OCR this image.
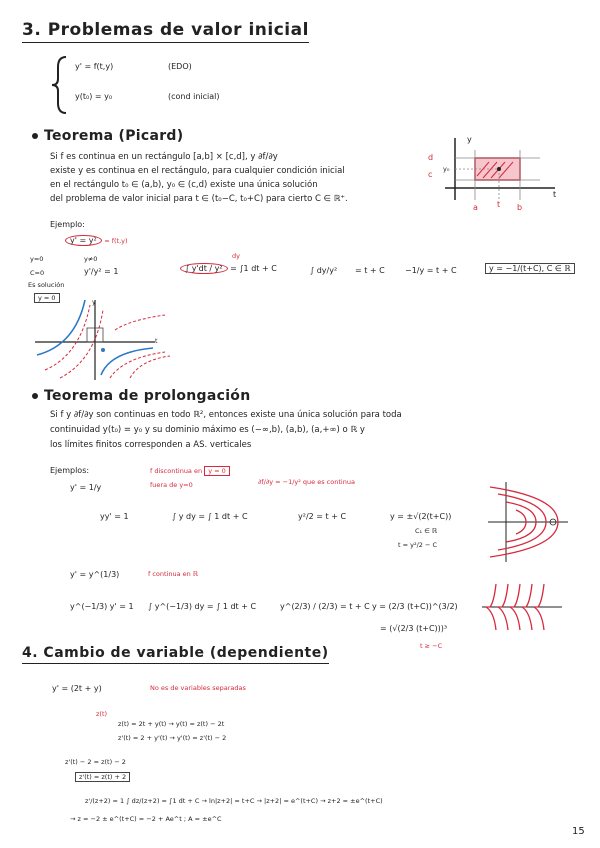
3. Problemas de valor inicial
y' = f(t,y)	(EDO)
y(t₀) = y₀	(cond inicial)
Teorema (Picard)
Si f es continua en un rectángulo [a,b] × [c,d], y ∂f/∂y
existe y es continua en el rectángulo, para cualquier condición inicial
en el rectángulo t₀ ∈ (a,b), y₀ ∈ (c,d) existe una única solución
del problema de valor inicial para t ∈ (t₀−C, t₀+C) para cierto C ∈ ℝ⁺.
y
d
c
y₀
a t b
t
Ejemplo:
y' = y² = f(t,y)
y=0	y≠0
C=0
Es solución
y = 0
y'/y² = 1	∫ y'dt / y² = ∫1 dt + C
dy
∫ dy/y² = t + C	−1/y = t + C	y = −1/(t+C), C ∈ ℝ
t
y
Teorema de prolongación
Si f y ∂f/∂y son continuas en todo ℝ², entonces existe una única solución para toda
continuidad y(t₀) = y₀ y su dominio máximo es (−∞,b), (a,b), (a,+∞) o ℝ y
los límites finitos corresponden a AS. verticales
Ejemplos:
y' = 1/y
f discontinua en y = 0
fuera de y=0	∂f/∂y = −1/y² que es continua
yy' = 1	∫ y dy = ∫ 1 dt + C	y²/2 = t + C	y = ±√(2(t+C))
C₁ ∈ ℝ
t = y²/2 − C
y' = y^(1/3)	f continua en ℝ
y^(−1/3) y' = 1 ∫ y^(−1/3) dy = ∫ 1 dt + C	y^(2/3) / (2/3) = t + C y = (2/3 (t+C))^(3/2)
= (√(2/3 (t+C)))³
t ≥ −C
4. Cambio de variable (dependiente)
y' = (2t + y)	No es de variables separadas
z(t)
z(t) = 2t + y(t) → y(t) = z(t) − 2t
z'(t) = 2 + y'(t) → y'(t) = z'(t) − 2
z'(t) − 2 = z(t) − 2
z'(t) = z(t) + 2
z'/(z+2) = 1 ∫ dz/(z+2) = ∫1 dt + C → ln|z+2| = t+C → |z+2| = e^(t+C) → z+2 = ±e^(t+C)
→ z = −2 ± e^(t+C) = −2 + Ae^t ; A = ±e^C
15
